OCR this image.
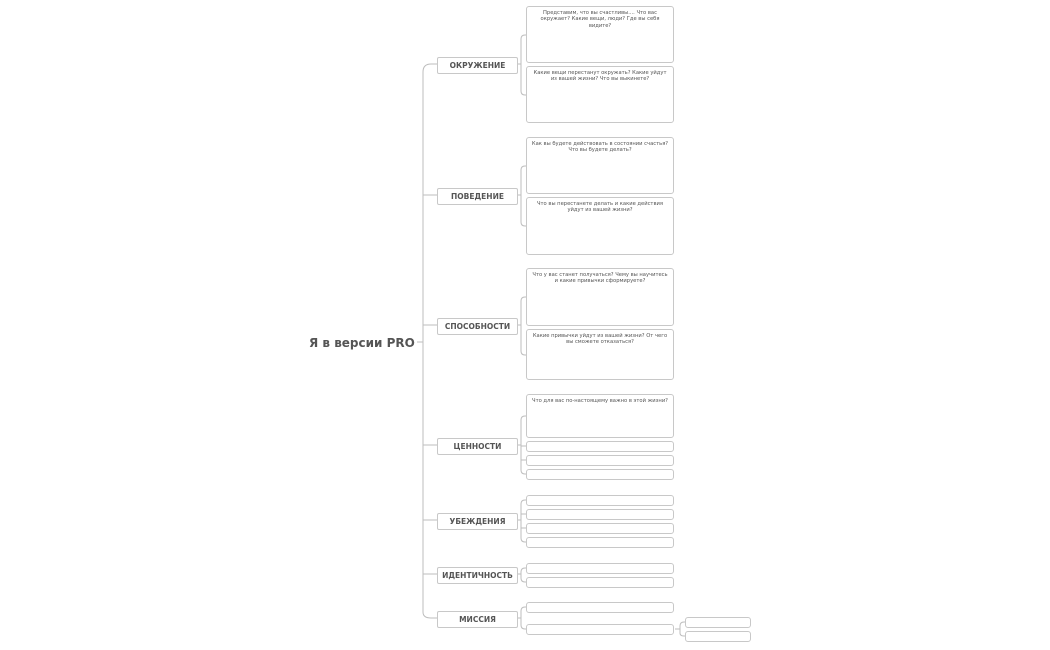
Я в версии PRO
ОКРУЖЕНИЕ
ПОВЕДЕНИЕ
СПОСОБНОСТИ
ЦЕННОСТИ
УБЕЖДЕНИЯ
ИДЕНТИЧНОСТЬ
МИССИЯ
Представим, что вы счастливы.... Что вас окружает? Какие вещи, люди? Где вы себя видите?
Какие вещи перестанут окружать? Какие уйдут из вашей жизни? Что вы выкинете?
Как вы будете действовать в состоянии счастья? Что вы будете делать?
Что вы перестанете делать и какие действия уйдут из вашей жизни?
Что у вас станет получаться? Чему вы научитесь и какие привычки сформируете?
Какие привычки уйдут из вашей жизни? От чего вы сможете отказаться?
Что для вас по-настоящему важно в этой жизни?
